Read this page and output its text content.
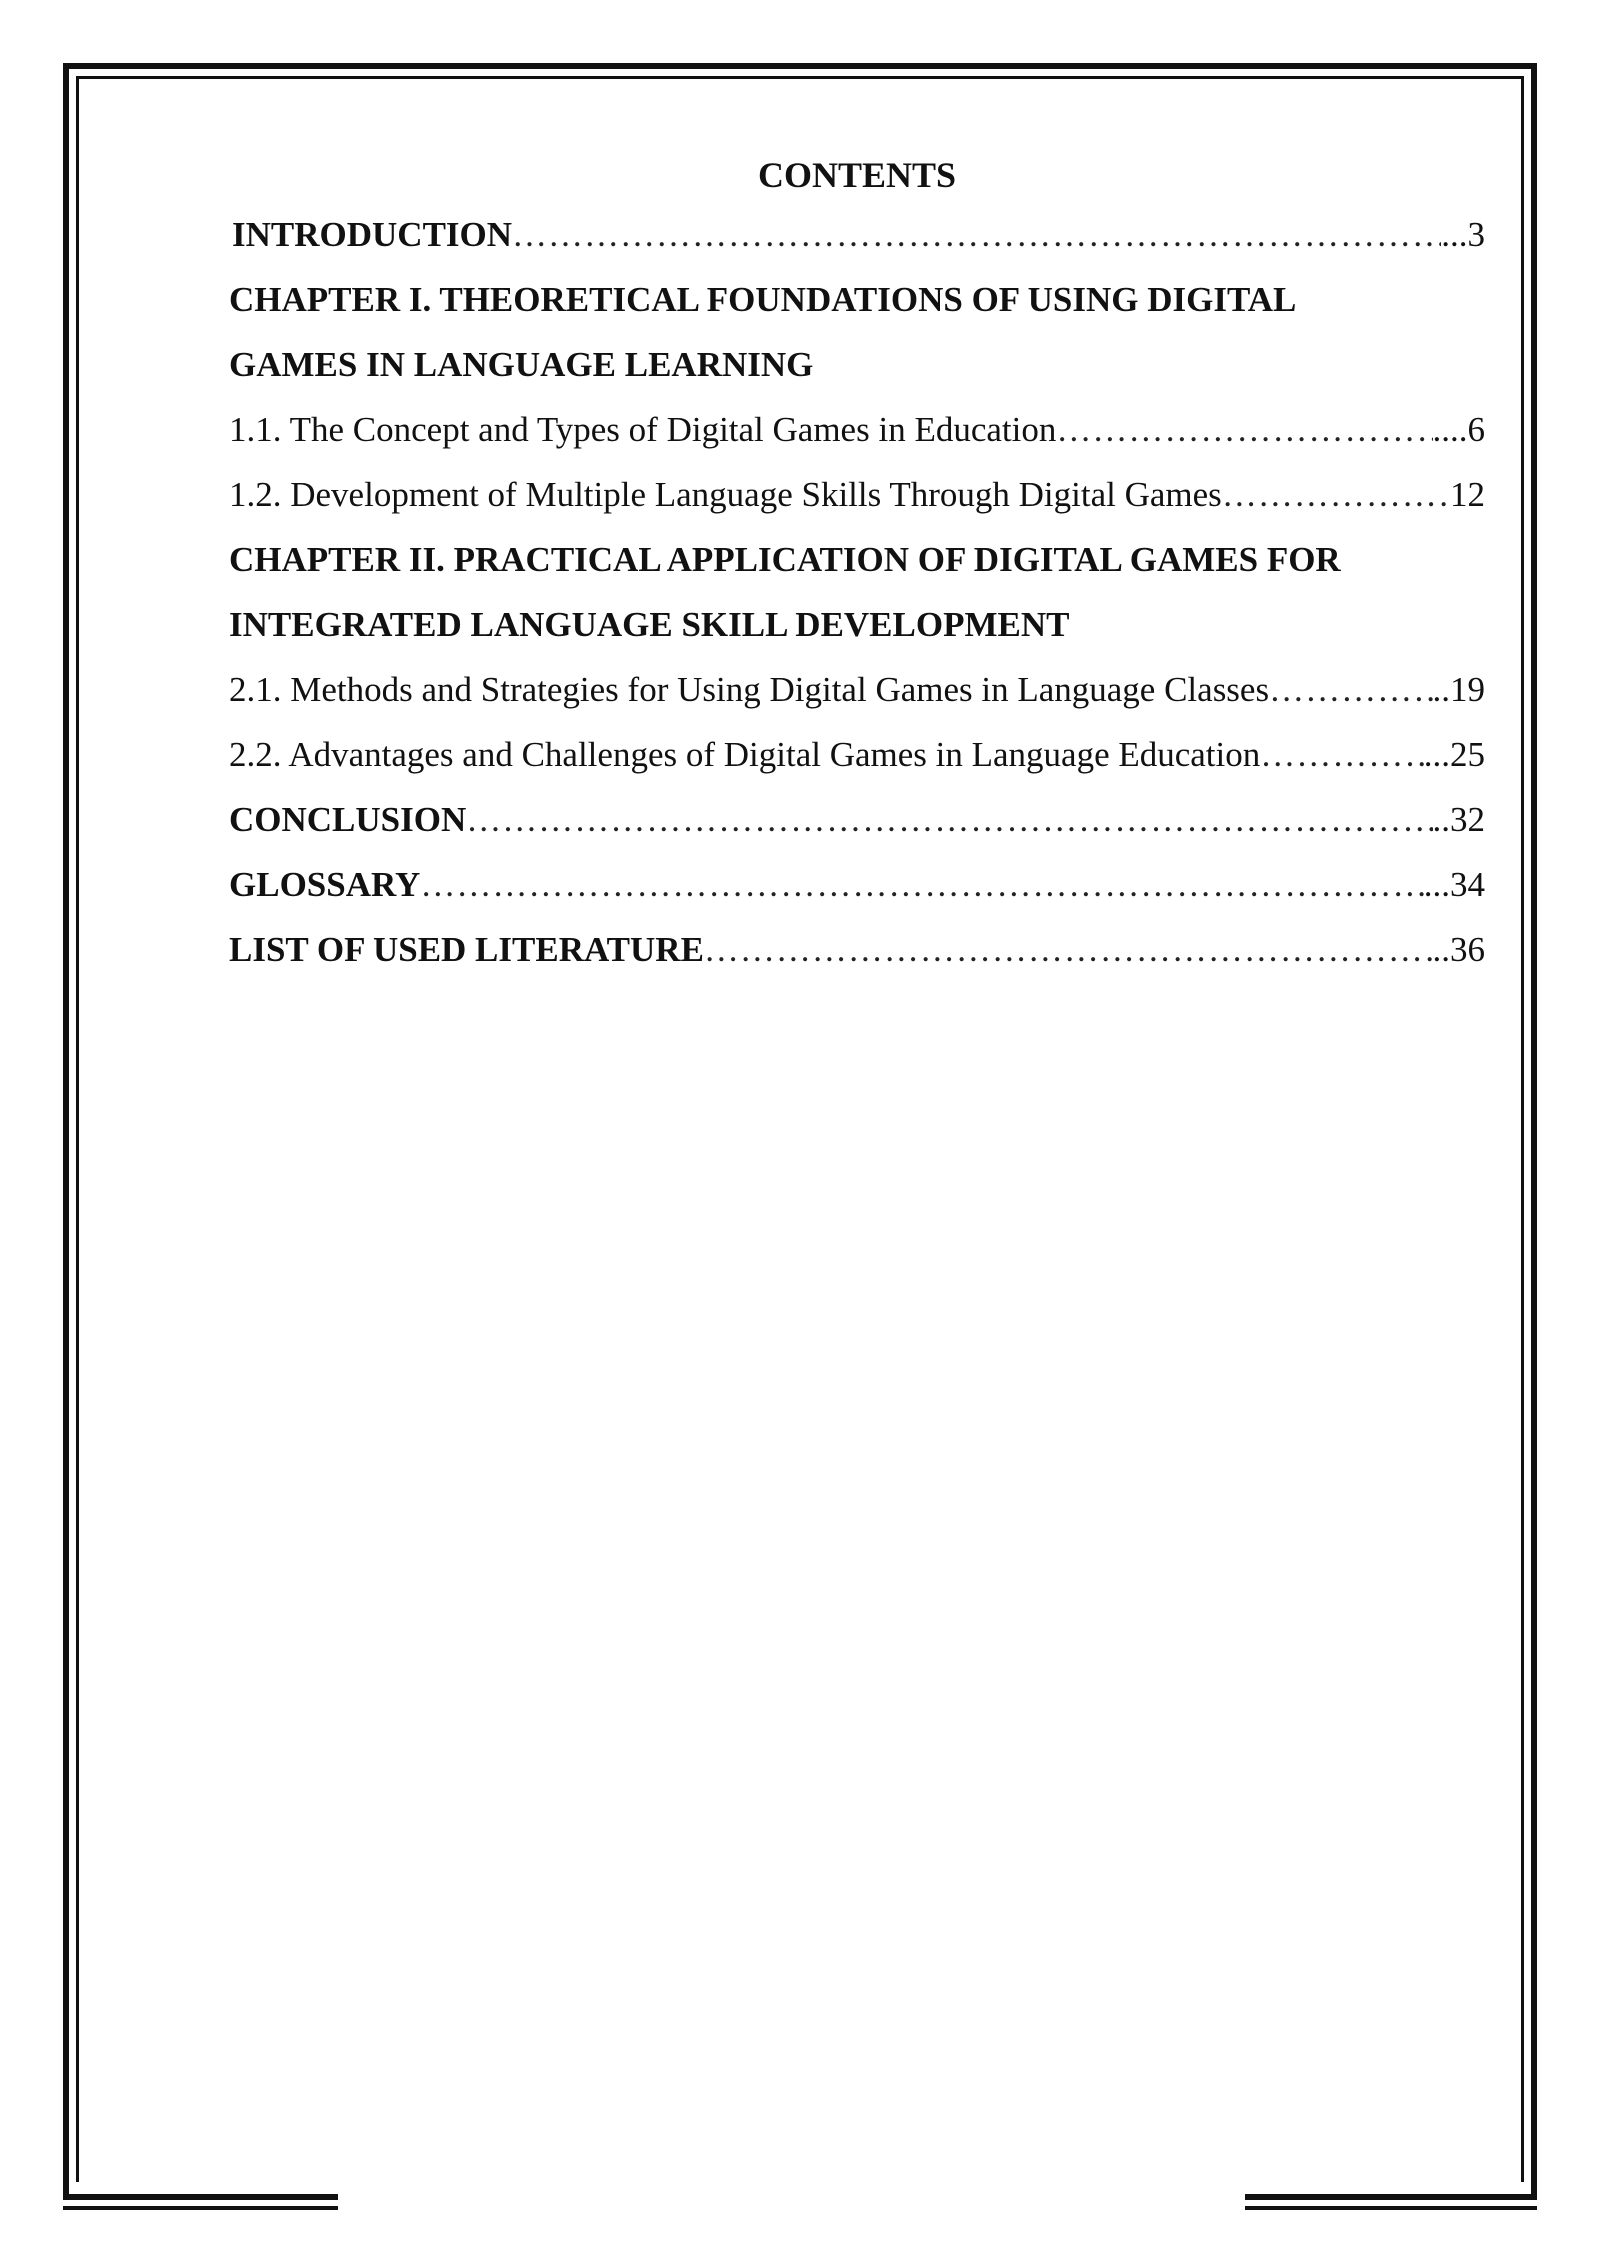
CONTENTS
INTRODUCTION ………………………………………………………………………………………………………………………………………………………………………………………………………………………………………	...3
CHAPTER I. THEORETICAL FOUNDATIONS OF USING DIGITAL
GAMES IN LANGUAGE LEARNING
1.1. The Concept and Types of Digital Games in Education ………………………………………………………………………………………………………………………………………………………………………………………………………………………………………	....6
1.2. Development of Multiple Language Skills Through Digital Games ………………………………………………………………………………………………………………………………………………………………………………………………………………………………………	12
CHAPTER II. PRACTICAL APPLICATION OF DIGITAL GAMES FOR
INTEGRATED LANGUAGE SKILL DEVELOPMENT
2.1. Methods and Strategies for Using Digital Games in Language Classes ………………………………………………………………………………………………………………………………………………………………………………………………………………………………………	..19
2.2. Advantages and Challenges of Digital Games in Language Education ………………………………………………………………………………………………………………………………………………………………………………………………………………………………………	...25
CONCLUSION ………………………………………………………………………………………………………………………………………………………………………………………………………………………………………	..32
GLOSSARY ………………………………………………………………………………………………………………………………………………………………………………………………………………………………………	...34
LIST OF USED LITERATURE ………………………………………………………………………………………………………………………………………………………………………………………………………………………………………	..36
